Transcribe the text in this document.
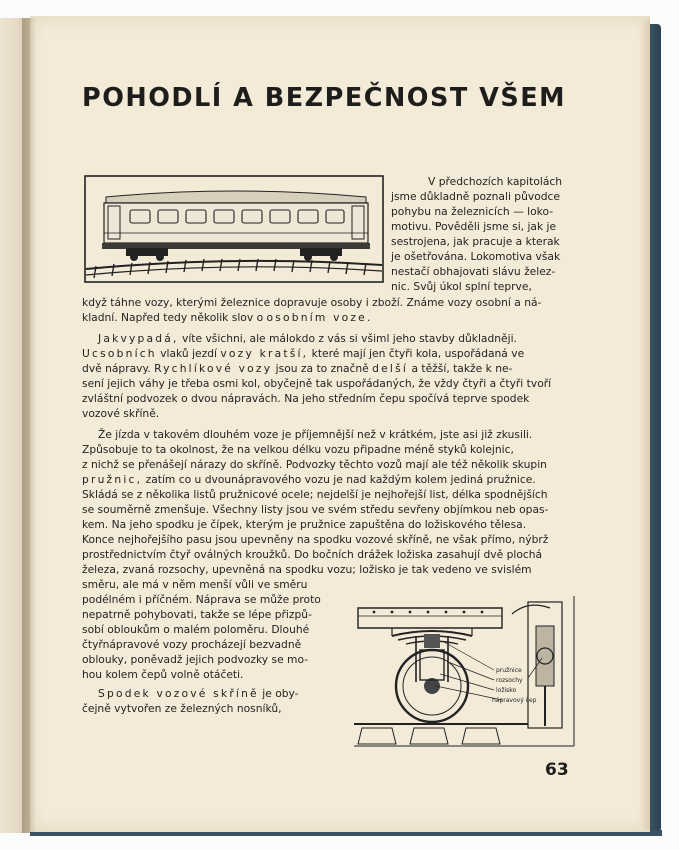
POHODLÍ A BEZPEČNOST VŠEM

V předchozích kapitolách

jsme důkladně poznali původce

pohybu na železnicích — loko-

motivu. Pověděli jsme si, jak je

sestrojena, jak pracuje a kterak

je ošetřována. Lokomotiva však

nestačí obhajovati slávu želez-

nic. Svůj úkol splní teprve,

když táhne vozy, kterými železnice dopravuje osoby i zboží. Známe vozy osobní a ná-

kladní. Napřed tedy několik slov o osobním voze.

Jakvypadá, víte všichni, ale málokdo z vás si všiml jeho stavby důkladněji.

Ucsobních vlaků jezdí vozy kratší, které mají jen čtyři kola, uspořádaná ve

dvě nápravy. Rychlíkové vozy jsou za to značně delší a těžší, takže k ne-

sení jejich váhy je třeba osmi kol, obyčejně tak uspořádaných, že vždy čtyři a čtyři tvoří

zvláštní podvozek o dvou nápravách. Na jeho středním čepu spočívá teprve spodek

vozové skříně.

Že jízda v takovém dlouhém voze je příjemnější než v krátkém, jste asi již zkusili.

Způsobuje to ta okolnost, že na velkou délku vozu připadne méně styků kolejnic,

z nichž se přenášejí nárazy do skříně. Podvozky těchto vozů mají ale též několik skupin

pružnic, zatím co u dvounápravového vozu je nad každým kolem jediná pružnice.

Skládá se z několika listů pružnicové ocele; nejdelší je nejhořejší list, délka spodnějších

se souměrně zmenšuje. Všechny listy jsou ve svém středu sevřeny objímkou neb opas-

kem. Na jeho spodku je čípek, kterým je pružnice zapuštěna do ložiskového tělesa.

Konce nejhořejšího pasu jsou upevněny na spodku vozové skříně, ne však přímo, nýbrž

prostřednictvím čtyř oválných kroužků. Do bočních drážek ložiska zasahují dvě plochá

železa, zvaná rozsochy, upevněná na spodku vozu; ložisko je tak vedeno ve svislém

směru, ale má v něm menší vůli ve směru

podélném i příčném. Náprava se může proto

nepatrně pohybovati, takže se lépe přizpů-

sobí obloukům o malém poloměru. Dlouhé

čtyřnápravové vozy procházejí bezvadně

oblouky, poněvadž jejich podvozky se mo-

hou kolem čepů volně otáčeti.

Spodek vozové skříně je oby-

čejně vytvořen ze železných nosníků,

pružnice
rozsochy
ložisko
nápravový čep

63
